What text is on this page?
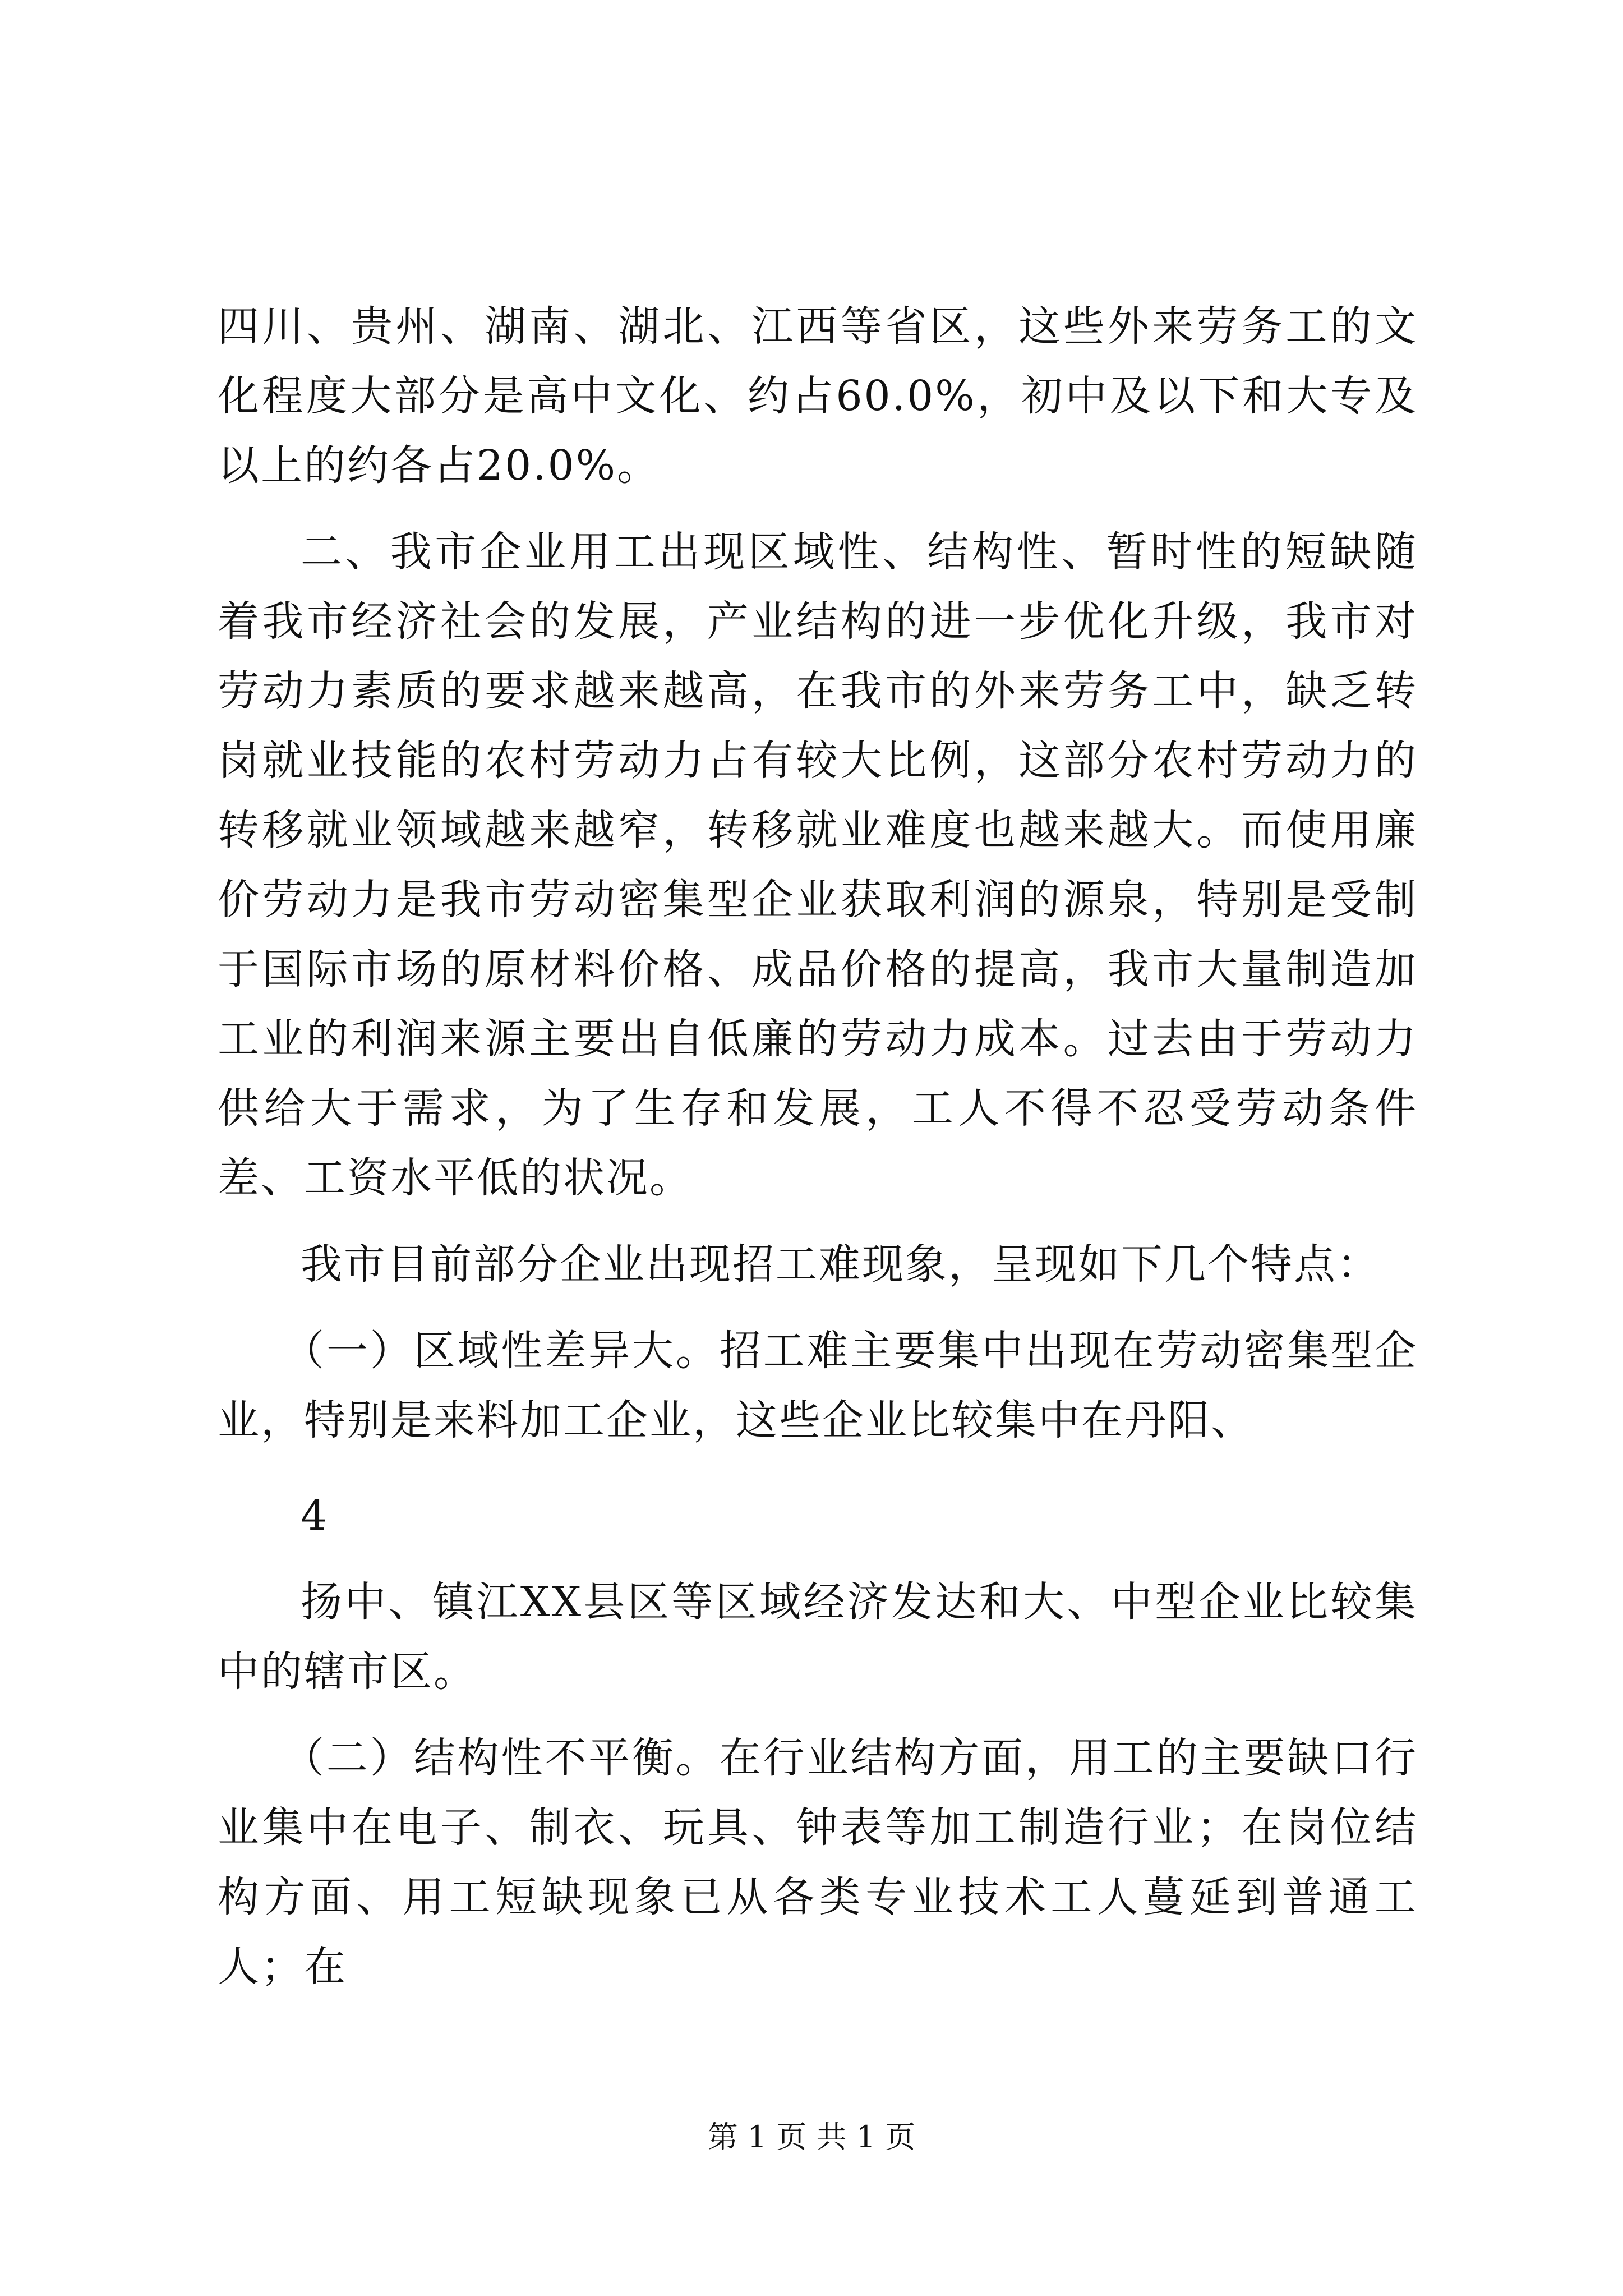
四川、贵州、湖南、湖北、江西等省区，这些外来劳务工的文化程度大部分是高中文化、约占60.0%，初中及以下和大专及以上的约各占20.0%。

二、我市企业用工出现区域性、结构性、暂时性的短缺随着我市经济社会的发展，产业结构的进一步优化升级，我市对劳动力素质的要求越来越高，在我市的外来劳务工中，缺乏转岗就业技能的农村劳动力占有较大比例，这部分农村劳动力的转移就业领域越来越窄，转移就业难度也越来越大。而使用廉价劳动力是我市劳动密集型企业获取利润的源泉，特别是受制于国际市场的原材料价格、成品价格的提高，我市大量制造加工业的利润来源主要出自低廉的劳动力成本。过去由于劳动力供给大于需求，为了生存和发展，工人不得不忍受劳动条件差、工资水平低的状况。

我市目前部分企业出现招工难现象，呈现如下几个特点：

（一）区域性差异大。招工难主要集中出现在劳动密集型企业，特别是来料加工企业，这些企业比较集中在丹阳、

4

扬中、镇江XX县区等区域经济发达和大、中型企业比较集中的辖市区。

（二）结构性不平衡。在行业结构方面，用工的主要缺口行业集中在电子、制衣、玩具、钟表等加工制造行业；在岗位结构方面、用工短缺现象已从各类专业技术工人蔓延到普通工人；在

第 1 页 共 1 页
